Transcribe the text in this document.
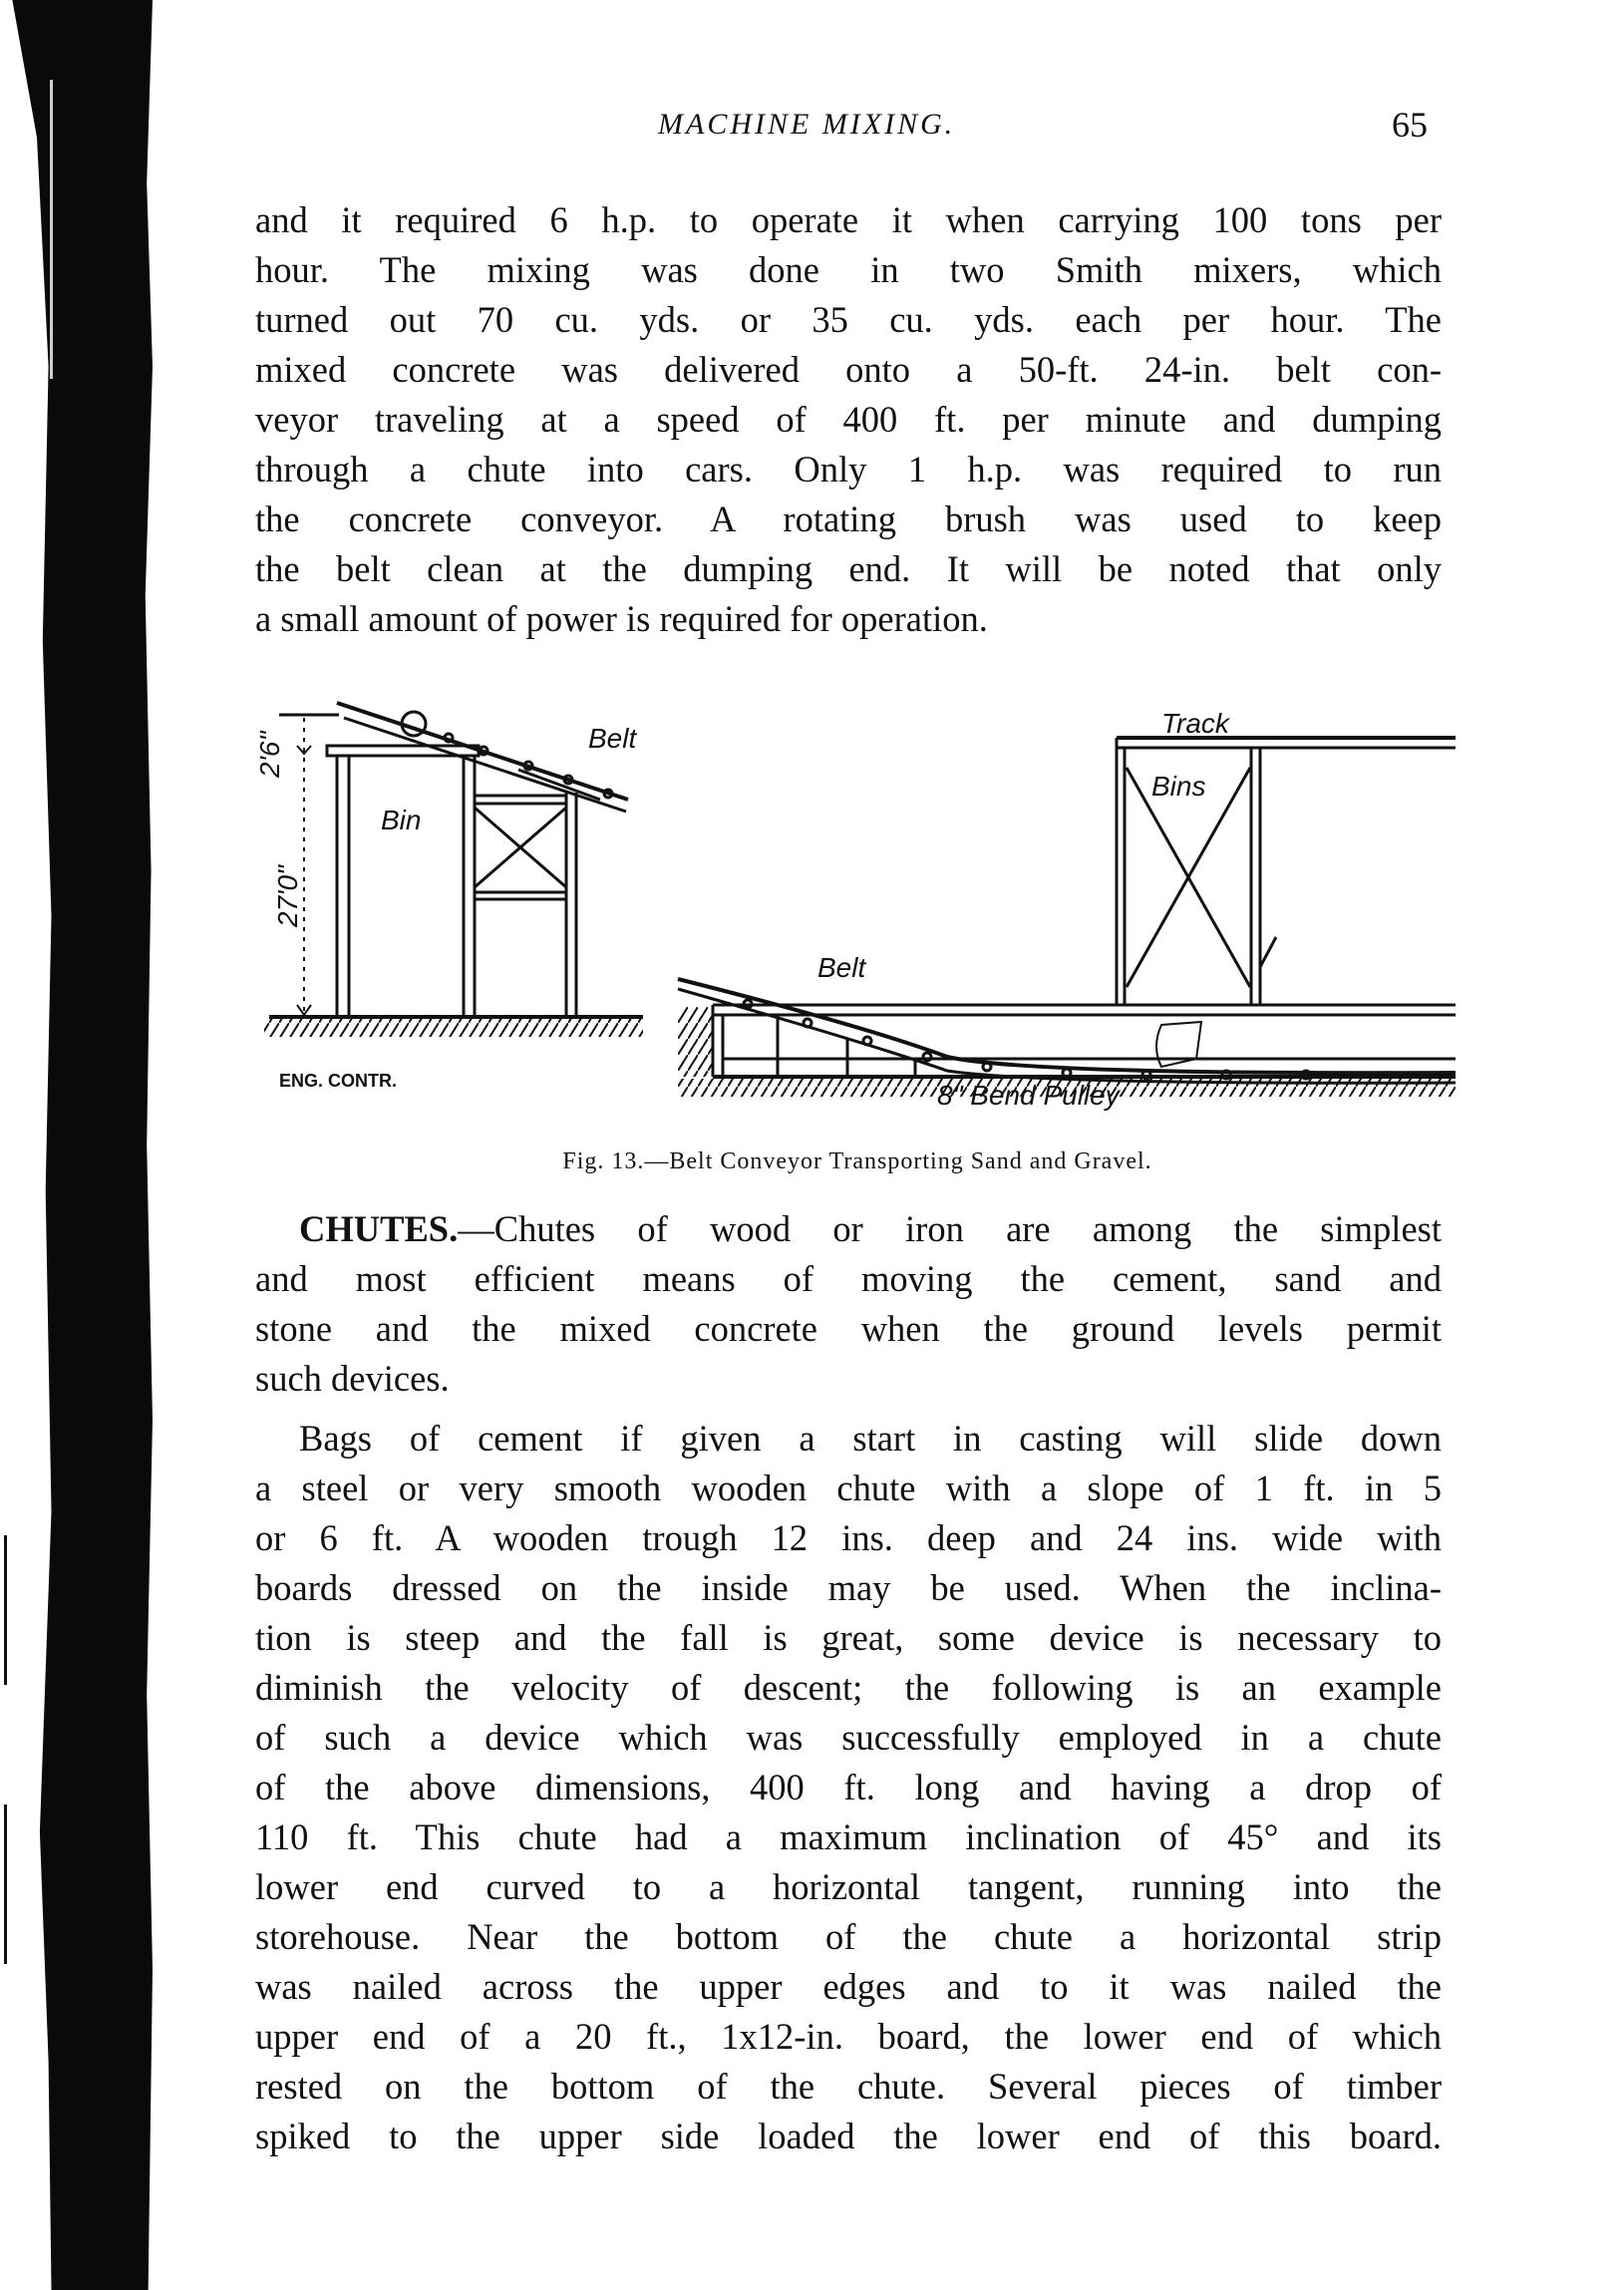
MACHINE MIXING.	65
and it required 6 h.p. to operate it when carrying 100 tons per
hour. The mixing was done in two Smith mixers, which
turned out 70 cu. yds. or 35 cu. yds. each per hour. The
mixed concrete was delivered onto a 50-ft. 24-in. belt con-
veyor traveling at a speed of 400 ft. per minute and dumping
through a chute into cars. Only 1 h.p. was required to run
the concrete conveyor. A rotating brush was used to keep
the belt clean at the dumping end. It will be noted that only
a small amount of power is required for operation.
Bin
Belt
2'6"
27'0"
ENG. CONTR.
Track
Bins
Belt
8" Bend Pulley
Fig. 13.—Belt Conveyor Transporting Sand and Gravel.
CHUTES.—Chutes of wood or iron are among the simplest
and most efficient means of moving the cement, sand and
stone and the mixed concrete when the ground levels permit
such devices.
Bags of cement if given a start in casting will slide down
a steel or very smooth wooden chute with a slope of 1 ft. in 5
or 6 ft. A wooden trough 12 ins. deep and 24 ins. wide with
boards dressed on the inside may be used. When the inclina-
tion is steep and the fall is great, some device is necessary to
diminish the velocity of descent; the following is an example
of such a device which was successfully employed in a chute
of the above dimensions, 400 ft. long and having a drop of
110 ft. This chute had a maximum inclination of 45° and its
lower end curved to a horizontal tangent, running into the
storehouse. Near the bottom of the chute a horizontal strip
was nailed across the upper edges and to it was nailed the
upper end of a 20 ft., 1x12-in. board, the lower end of which
rested on the bottom of the chute. Several pieces of timber
spiked to the upper side loaded the lower end of this board.
